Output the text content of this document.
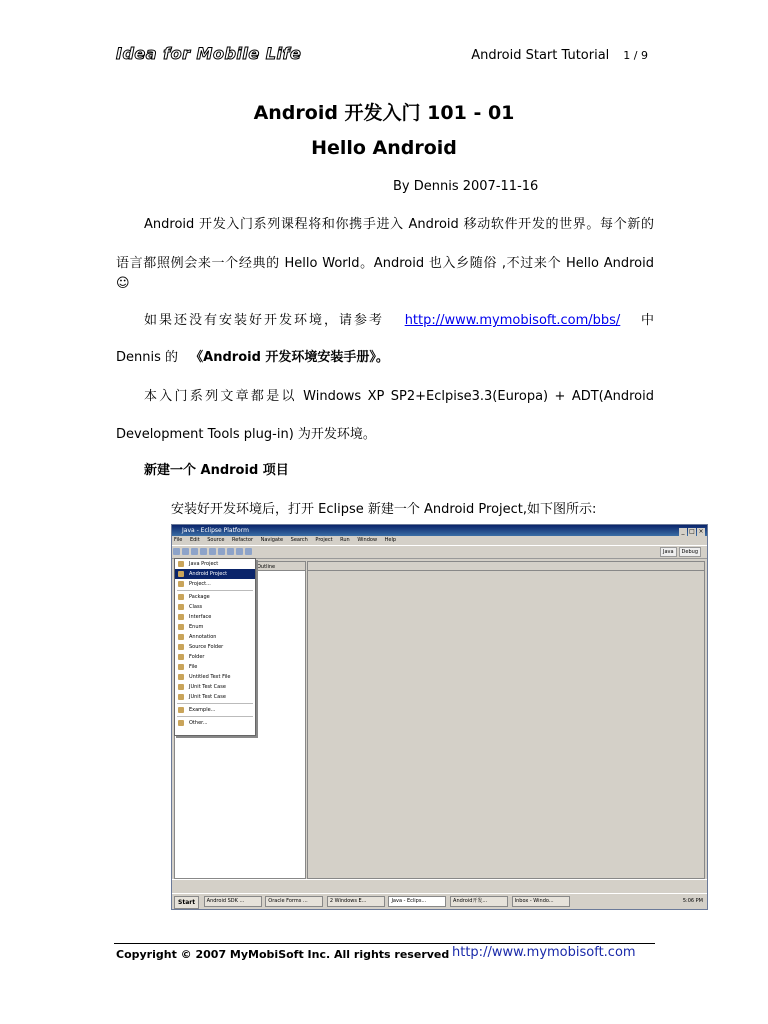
Idea for Mobile Life	Android Start Tutorial 1 / 9
Android 开发入门 101 - 01
Hello Android
By Dennis 2007-11-16
Android 开发入门系列课程将和你携手进入 Android 移动软件开发的世界。每个新的
语言都照例会来一个经典的 Hello World。Android 也入乡随俗 ,不过来个 Hello Android
☺
如果还没有安装好开发环境，请参考 http://www.mymobisoft.com/bbs/ 中
Dennis 的 《Android 开发环境安装手册》。
本入门系列文章都是以 Windows XP SP2+Eclpise3.3(Europa) + ADT(Android
Development Tools plug-in) 为开发环境。
新建一个 Android 项目
安装好开发环境后，打开 Eclipse 新建一个 Android Project,如下图所示:
Java - Eclipse Platform	_ □ ×
File Edit Source Refactor Navigate Search Project Run Window Help
Java Debug
Outline
Java Project
Android Project
Project...
Package
Class
Interface
Enum
Annotation
Source Folder
Folder
File
Untitled Text File
JUnit Test Case
JUnit Test Case
Example...
Other...
Start Android SDK ...	Oracle Forms ...	2 Windows E...	Java - Eclips...	Android开发...	Inbox - Windo...	5:06 PM
Copyright © 2007 MyMobiSoft Inc. All rights reserved http://www.mymobisoft.com
